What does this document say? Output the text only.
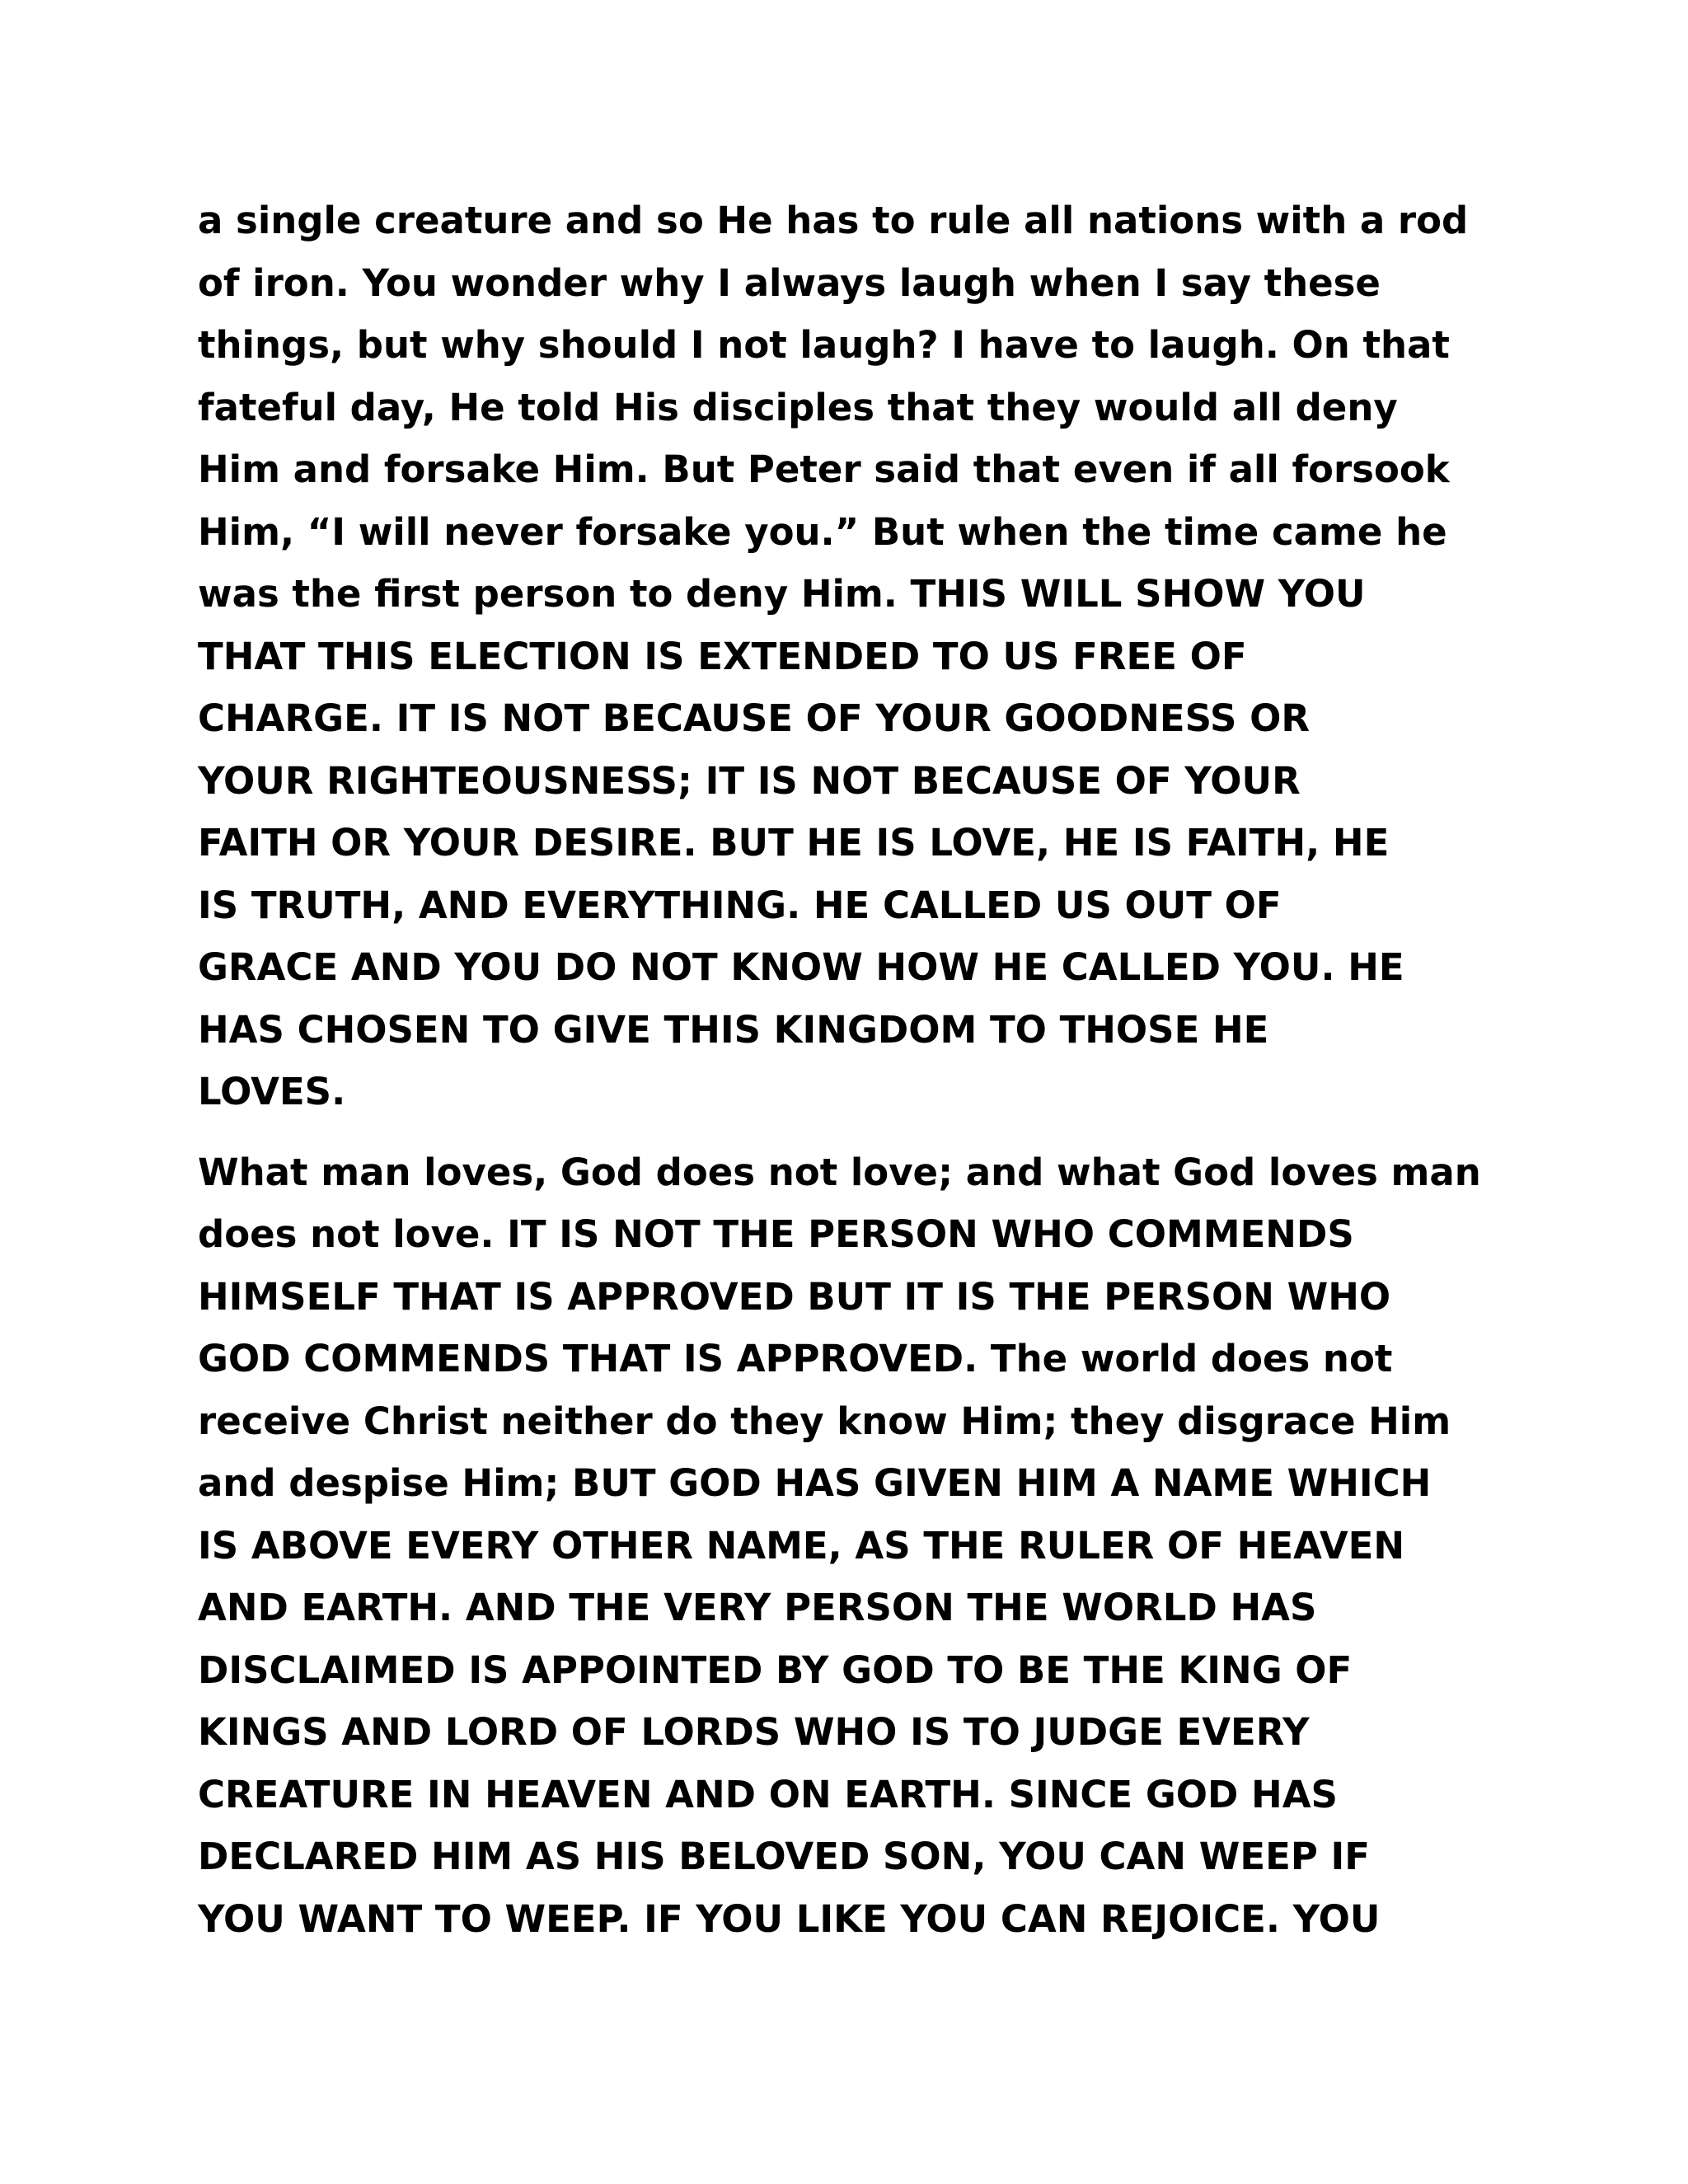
a single creature and so He has to rule all nations with a rod
of iron. You wonder why I always laugh when I say these
things, but why should I not laugh? I have to laugh. On that
fateful day, He told His disciples that they would all deny
Him and forsake Him. But Peter said that even if all forsook
Him, “I will never forsake you.” But when the time came he
was the first person to deny Him. THIS WILL SHOW YOU
THAT THIS ELECTION IS EXTENDED TO US FREE OF
CHARGE. IT IS NOT BECAUSE OF YOUR GOODNESS OR
YOUR RIGHTEOUSNESS; IT IS NOT BECAUSE OF YOUR
FAITH OR YOUR DESIRE. BUT HE IS LOVE, HE IS FAITH, HE
IS TRUTH, AND EVERYTHING. HE CALLED US OUT OF
GRACE AND YOU DO NOT KNOW HOW HE CALLED YOU. HE
HAS CHOSEN TO GIVE THIS KINGDOM TO THOSE HE
LOVES.

What man loves, God does not love; and what God loves man
does not love. IT IS NOT THE PERSON WHO COMMENDS
HIMSELF THAT IS APPROVED BUT IT IS THE PERSON WHO
GOD COMMENDS THAT IS APPROVED. The world does not
receive Christ neither do they know Him; they disgrace Him
and despise Him; BUT GOD HAS GIVEN HIM A NAME WHICH
IS ABOVE EVERY OTHER NAME, AS THE RULER OF HEAVEN
AND EARTH. AND THE VERY PERSON THE WORLD HAS
DISCLAIMED IS APPOINTED BY GOD TO BE THE KING OF
KINGS AND LORD OF LORDS WHO IS TO JUDGE EVERY
CREATURE IN HEAVEN AND ON EARTH. SINCE GOD HAS
DECLARED HIM AS HIS BELOVED SON, YOU CAN WEEP IF
YOU WANT TO WEEP. IF YOU LIKE YOU CAN REJOICE. YOU
